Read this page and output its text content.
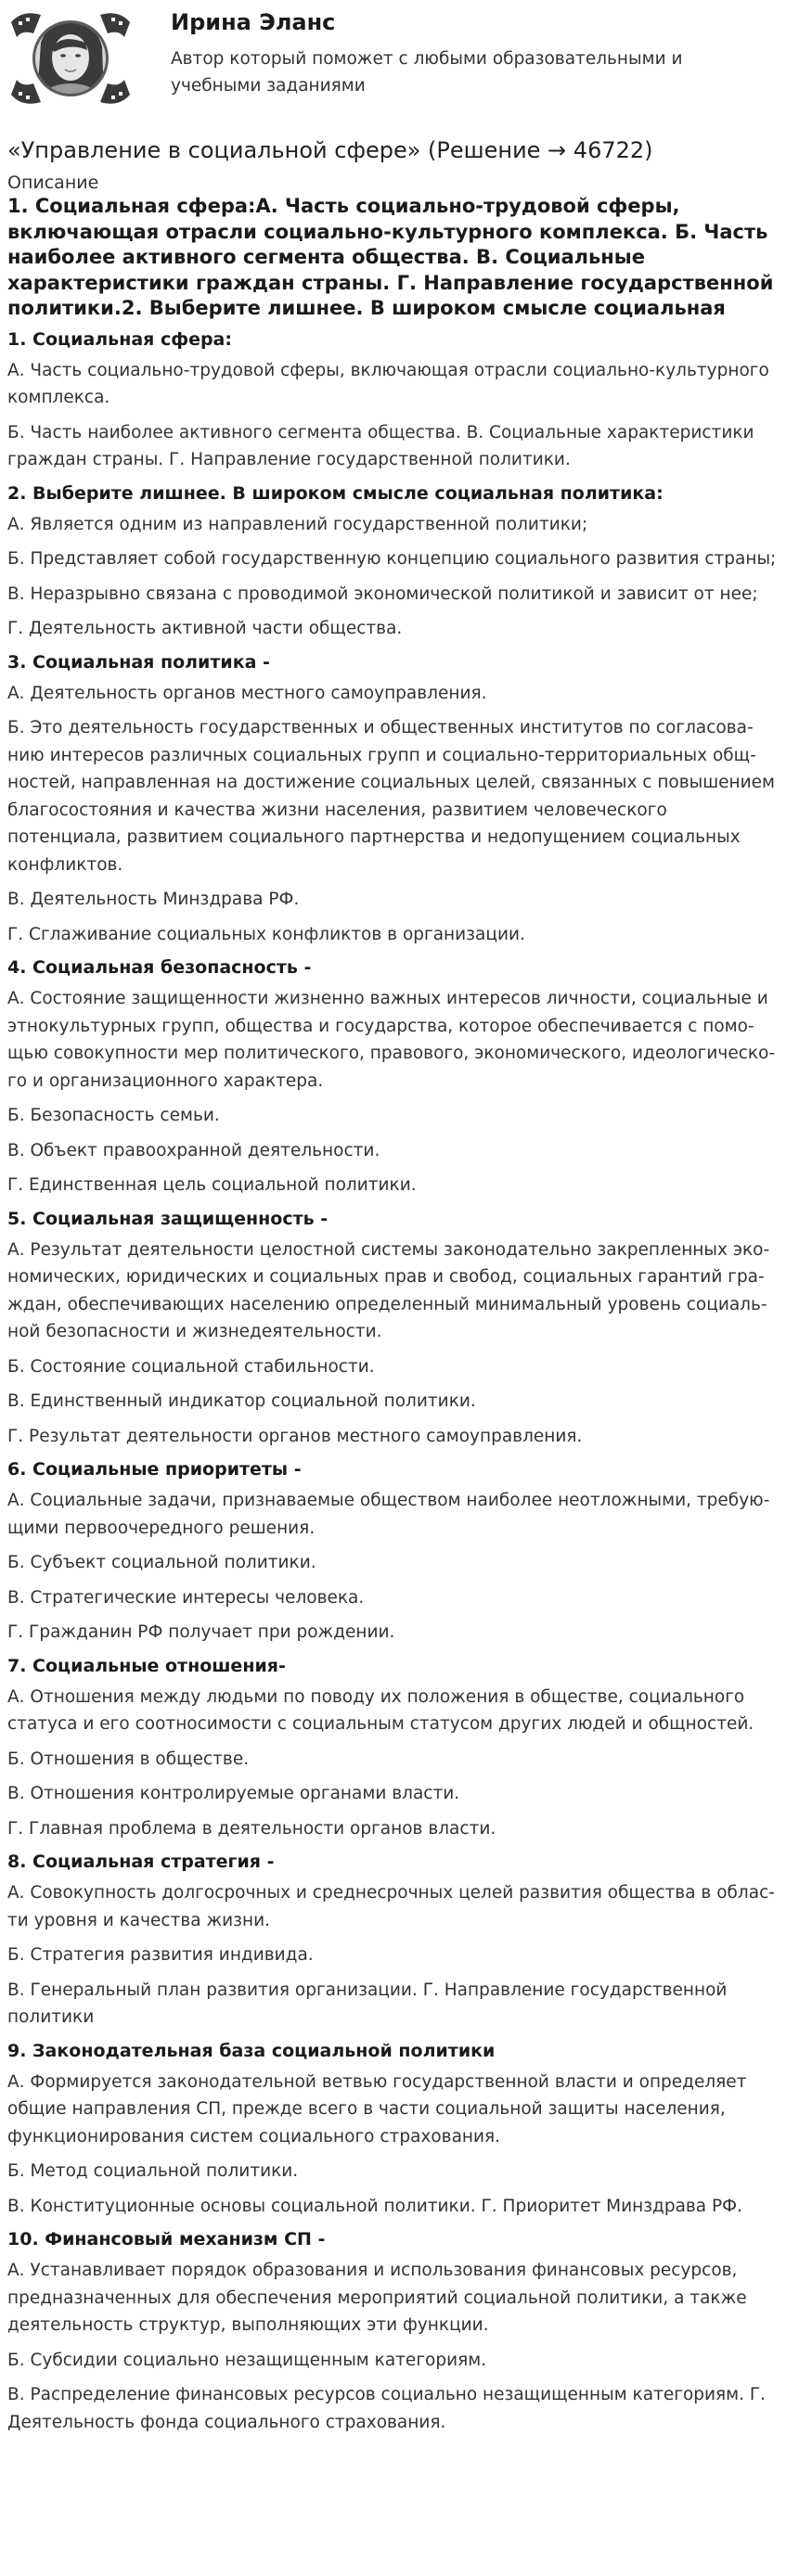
Ирина Эланс
Автор который поможет с любыми образовательными и учебными заданиями
«Управление в социальной сфере» (Решение → 46722)
Описание
1. Социальная сфера:А. Часть социально-трудовой сферы, включающая отрасли социально-культурного комплекса. Б. Часть наиболее активного сегмента общества. В. Социальные характеристики граждан страны. Г. Направление государственной политики.2. Выберите лишнее. В широком смысле социальная
1. Социальная сфера:
А. Часть социально-трудовой сферы, включающая отрасли социально-культурного комплекса.
Б. Часть наиболее активного сегмента общества. В. Социальные характеристики граждан страны. Г. Направление государственной политики.
2. Выберите лишнее. В широком смысле социальная политика:
А. Является одним из направлений государственной политики;
Б. Представляет собой государственную концепцию социального развития страны;
В. Неразрывно связана с проводимой экономической политикой и зависит от нее;
Г. Деятельность активной части общества.
3. Социальная политика -
А. Деятельность органов местного самоуправления.
Б. Это деятельность государственных и общественных институтов по согласова- нию интересов различных социальных групп и социально-территориальных общ- ностей, направленная на достижение социальных целей, связанных с повышением благосостояния и качества жизни населения, развитием человеческого потенциала, развитием социального партнерства и недопущением социальных конфликтов.
В. Деятельность Минздрава РФ.
Г. Сглаживание социальных конфликтов в организации.
4. Социальная безопасность -
А. Состояние защищенности жизненно важных интересов личности, социальные и этнокультурных групп, общества и государства, которое обеспечивается с помо- щью совокупности мер политического, правового, экономического, идеологическо- го и организационного характера.
Б. Безопасность семьи.
В. Объект правоохранной деятельности.
Г. Единственная цель социальной политики.
5. Социальная защищенность -
А. Результат деятельности целостной системы законодательно закрепленных эко- номических, юридических и социальных прав и свобод, социальных гарантий гра- ждан, обеспечивающих населению определенный минимальный уровень социаль- ной безопасности и жизнедеятельности.
Б. Состояние социальной стабильности.
В. Единственный индикатор социальной политики.
Г. Результат деятельности органов местного самоуправления.
6. Социальные приоритеты -
А. Социальные задачи, признаваемые обществом наиболее неотложными, требую- щими первоочередного решения.
Б. Субъект социальной политики.
В. Стратегические интересы человека.
Г. Гражданин РФ получает при рождении.
7. Социальные отношения-
А. Отношения между людьми по поводу их положения в обществе, социального статуса и его соотносимости с социальным статусом других людей и общностей.
Б. Отношения в обществе.
В. Отношения контролируемые органами власти.
Г. Главная проблема в деятельности органов власти.
8. Социальная стратегия -
А. Совокупность долгосрочных и среднесрочных целей развития общества в облас- ти уровня и качества жизни.
Б. Стратегия развития индивида.
В. Генеральный план развития организации. Г. Направление государственной политики
9. Законодательная база социальной политики
А. Формируется законодательной ветвью государственной власти и определяет общие направления СП, прежде всего в части социальной защиты населения, функционирования систем социального страхования.
Б. Метод социальной политики.
В. Конституционные основы социальной политики. Г. Приоритет Минздрава РФ.
10. Финансовый механизм СП -
А. Устанавливает порядок образования и использования финансовых ресурсов, предназначенных для обеспечения мероприятий социальной политики, а также деятельность структур, выполняющих эти функции.
Б. Субсидии социально незащищенным категориям.
В. Распределение финансовых ресурсов социально незащищенным категориям. Г. Деятельность фонда социального страхования.
